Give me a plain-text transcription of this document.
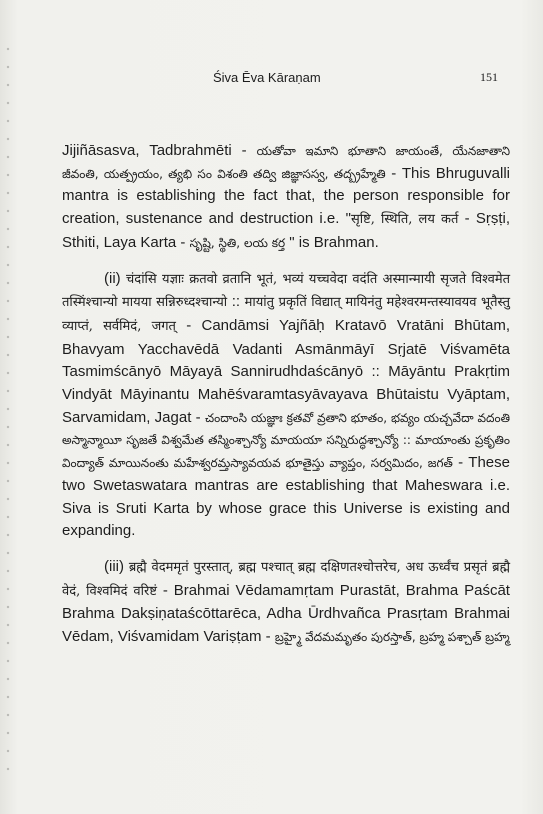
Śiva Ēva Kāraṇam	151

Jijiñāsasva, Tadbrahmēti - యతోవా ఇమాని భూతాని జాయంతే, యేనజాతాని జీవంతి, యత్ప్రయం, త్యభి సం విశంతి తద్వి జిజ్ఞాసస్వ, తద్బ్రహ్మేతి - This Bhruguvalli mantra is establishing the fact that, the person responsible for creation, sustenance and destruction i.e. "सृष्टि, स्थिति, लय कर्त - Sṛṣṭi, Sthiti, Laya Karta - సృష్టి, స్థితి, లయ కర్త " is Brahman.

(ii) चंदांसि यज्ञाः क्रतवो व्रतानि भूतं, भव्यं यच्चवेदा वदंति अस्मान्मायी सृजते विश्वमेत तस्मिंश्चान्यो मायया सन्निरुध्दश्चान्यो :: मायांतु प्रकृतिं विद्यात् मायिनंतु महेश्वरमन्तस्यावयव भूतैस्तु व्याप्तं, सर्वमिदं, जगत् - Candāmsi Yajñāḥ Kratavō Vratāni Bhūtam, Bhavyam Yacchavēdā Vadanti Asmānmāyī Sṛjatē Viśvamēta Tasmimścānyō Māyayā Sannirudhdaścānyō :: Māyāntu Prakṛtim Vindyāt Māyinantu Mahēśvaramtasyāvayava Bhūtaistu Vyāptam, Sarvamidam, Jagat - చందాంసి యజ్ఞాః క్రతవో వ్రతాని భూతం, భవ్యం యచ్చవేదా వదంతి అస్మాన్మాయీ సృజతే విశ్వమేత తస్మింశ్చాన్యో మాయయా సన్నిరుద్ధశ్చాన్యో :: మాయాంతు ప్రకృతిం వింద్యాత్ మాయినంతు మహేశ్వరమ్తస్యావయవ భూతైస్తు వ్యాప్తం, సర్వమిదం, జగత్ - These two Swetaswatara mantras are establishing that Maheswara i.e. Siva is Sruti Karta by whose grace this Universe is existing and expanding.

(iii) ब्रह्मै वेदममृतं पुरस्तात्, ब्रह्म पश्चात् ब्रह्म दक्षिणतश्चोत्तरेच, अध ऊर्ध्वंच प्रसृतं ब्रह्मै वेदं, विश्वमिदं वरिष्टं - Brahmai Vēdamamṛtam Purastāt, Brahma Paścāt Brahma Dakṣiṇataścōttarēca, Adha Ūrdhvañca Prasṛtam Brahmai Vēdam, Viśvamidam Variṣṭam - బ్రహ్మై వేదమమృతం పురస్తాత్, బ్రహ్మ పశ్చాత్ బ్రహ్మ
